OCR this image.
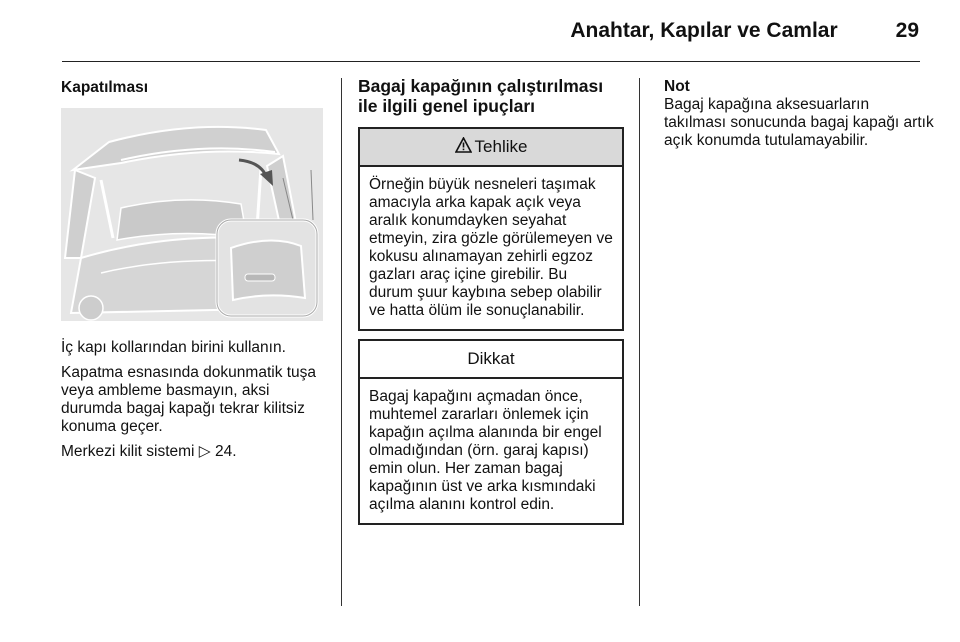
Anahtar, Kapılar ve Camlar	29
Kapatılması

İç kapı kollarından birini kullanın.

Kapatma esnasında dokunmatik tuşa veya ambleme basmayın, aksi durumda bagaj kapağı tekrar kilitsiz konuma geçer.

Merkezi kilit sistemi ▷ 24.

Bagaj kapağının çalıştırılması ile ilgili genel ipuçları
Tehlike
Örneğin büyük nesneleri taşımak amacıyla arka kapak açık veya aralık konumdayken seyahat etmeyin, zira gözle görülemeyen ve kokusu alınamayan zehirli egzoz gazları araç içine girebilir. Bu durum şuur kaybına sebep olabilir ve hatta ölüm ile sonuçlanabilir.
Dikkat
Bagaj kapağını açmadan önce, muhtemel zararları önlemek için kapağın açılma alanında bir engel olmadığından (örn. garaj kapısı) emin olun. Her zaman bagaj kapağının üst ve arka kısmındaki açılma alanını kontrol edin.
Not
Bagaj kapağına aksesuarların takılması sonucunda bagaj kapağı artık açık konumda tutulamayabilir.
